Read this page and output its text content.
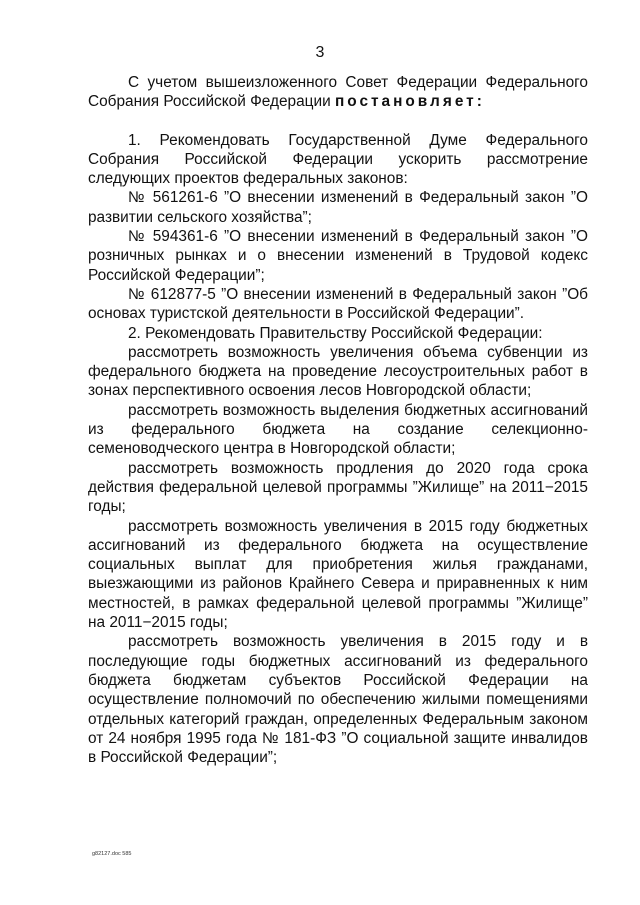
3

С учетом вышеизложенного Совет Федерации Федерального Собрания Российской Федерации постановляет:

1. Рекомендовать Государственной Думе Федерального Собрания Российской Федерации ускорить рассмотрение следующих проектов федеральных законов:

№ 561261-6 ”О внесении изменений в Федеральный закон ”О развитии сельского хозяйства”;

№ 594361-6 ”О внесении изменений в Федеральный закон ”О розничных рынках и о внесении изменений в Трудовой кодекс Российской Федерации”;

№ 612877-5 ”О внесении изменений в Федеральный закон ”Об основах туристской деятельности в Российской Федерации”.

2. Рекомендовать Правительству Российской Федерации:

рассмотреть возможность увеличения объема субвенции из федерального бюджета на проведение лесоустроительных работ в зонах перспективного освоения лесов Новгородской области;

рассмотреть возможность выделения бюджетных ассигнований из федерального бюджета на создание селекционно-семеноводческого центра в Новгородской области;

рассмотреть возможность продления до 2020 года срока действия федеральной целевой программы ”Жилище” на 2011−2015 годы;

рассмотреть возможность увеличения в 2015 году бюджетных ассигнований из федерального бюджета на осуществление социальных выплат для приобретения жилья гражданами, выезжающими из районов Крайнего Севера и приравненных к ним местностей, в рамках федеральной целевой программы ”Жилище” на 2011−2015 годы;

рассмотреть возможность увеличения в 2015 году и в последующие годы бюджетных ассигнований из федерального бюджета бюджетам субъектов Российской Федерации на осуществление полномочий по обеспечению жилыми помещениями отдельных категорий граждан, определенных Федеральным законом от 24 ноября 1995 года № 181-ФЗ ”О социальной защите инвалидов в Российской Федерации”;

g82127.doc 585
